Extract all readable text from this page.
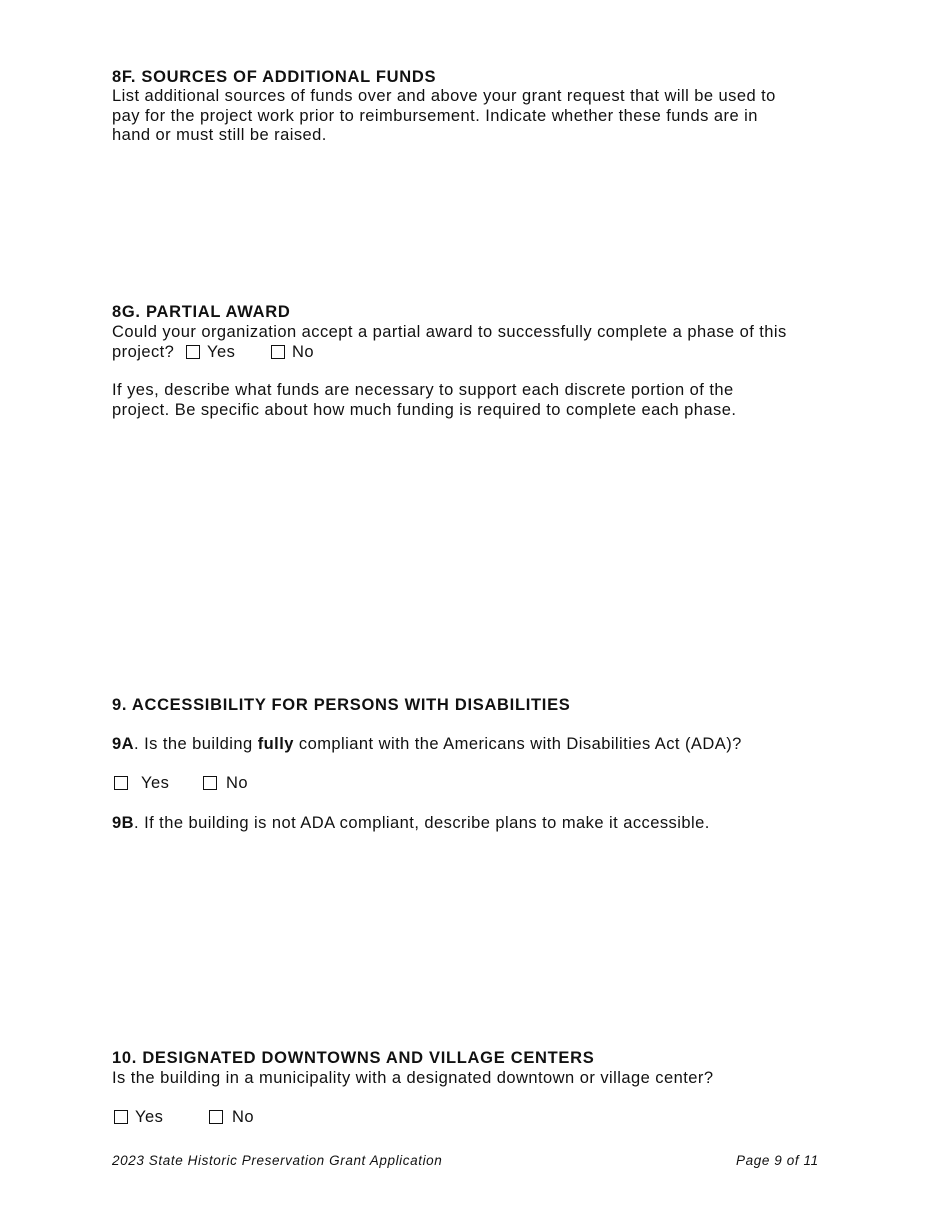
8F. SOURCES OF ADDITIONAL FUNDS
List additional sources of funds over and above your grant request that will be used to
pay for the project work prior to reimbursement. Indicate whether these funds are in
hand or must still be raised.
8G. PARTIAL AWARD
Could your organization accept a partial award to successfully complete a phase of this
project?	Yes	No
If yes, describe what funds are necessary to support each discrete portion of the
project. Be specific about how much funding is required to complete each phase.
9. ACCESSIBILITY FOR PERSONS WITH DISABILITIES
9A. Is the building fully compliant with the Americans with Disabilities Act (ADA)?
Yes	No
9B. If the building is not ADA compliant, describe plans to make it accessible.
10. DESIGNATED DOWNTOWNS AND VILLAGE CENTERS
Is the building in a municipality with a designated downtown or village center?
Yes	No
2023 State Historic Preservation Grant Application	Page 9 of 11
